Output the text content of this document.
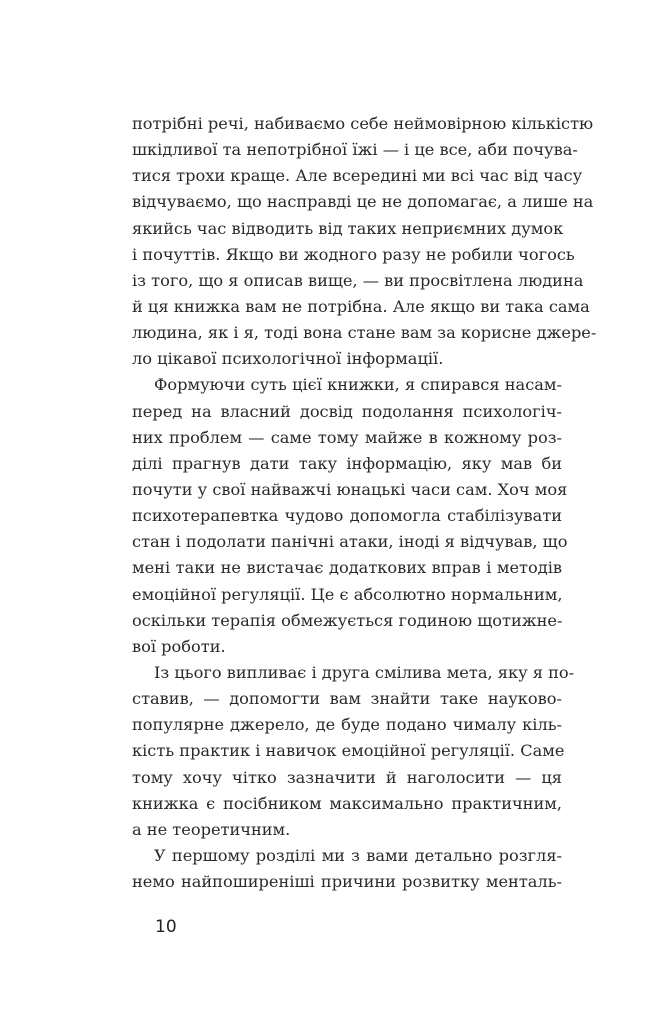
потрібні речі, набиваємо себе неймовірною кількістю
шкідливої та непотрібної їжі — і це все, аби почува-
тися трохи краще. Але всередині ми всі час від часу
відчуваємо, що насправді це не допомагає, а лише на
якийсь час відводить від таких неприємних думок
і почуттів. Якщо ви жодного разу не робили чогось
із того, що я описав вище, — ви просвітлена людина
й ця книжка вам не потрібна. Але якщо ви така сама
людина, як і я, тоді вона стане вам за корисне джере-
ло цікавої психологічної інформації.
Формуючи суть цієї книжки, я спирався насам-
перед на власний досвід подолання психологіч-
них проблем — саме тому майже в кожному роз-
ділі прагнув дати таку інформацію, яку мав би
почути у свої найважчі юнацькі часи сам. Хоч моя
психотерапевтка чудово допомогла стабілізувати
стан і подолати панічні атаки, іноді я відчував, що
мені таки не вистачає додаткових вправ і методів
емоційної регуляції. Це є абсолютно нормальним,
оскільки терапія обмежується годиною щотижне-
вої роботи.
Із цього випливає і друга смілива мета, яку я по-
ставив, — допомогти вам знайти таке науково-
популярне джерело, де буде подано чималу кіль-
кість практик і навичок емоційної регуляції. Саме
тому хочу чітко зазначити й наголосити — ця
книжка є посібником максимально практичним,
а не теоретичним.
У першому розділі ми з вами детально розгля-
немо найпоширеніші причини розвитку менталь-
10
